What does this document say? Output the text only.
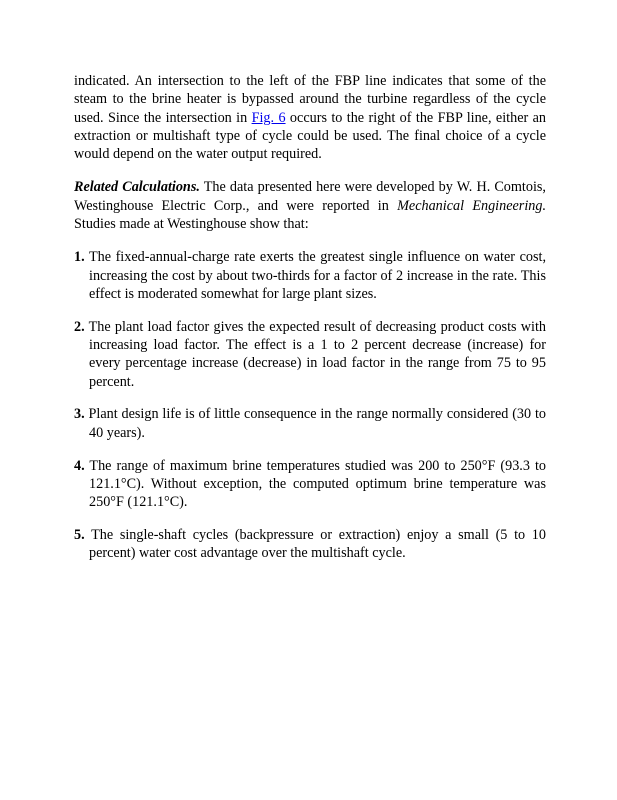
indicated. An intersection to the left of the FBP line indicates that some of the steam to the brine heater is bypassed around the turbine regardless of the cycle used. Since the intersection in Fig. 6 occurs to the right of the FBP line, either an extraction or multishaft type of cycle could be used. The final choice of a cycle would depend on the water output required.

Related Calculations. The data presented here were developed by W. H. Comtois, Westinghouse Electric Corp., and were reported in Mechanical Engineering. Studies made at Westinghouse show that:

1. The fixed-annual-charge rate exerts the greatest single influence on water cost, increasing the cost by about two-thirds for a factor of 2 increase in the rate. This effect is moderated somewhat for large plant sizes.

2. The plant load factor gives the expected result of decreasing product costs with increasing load factor. The effect is a 1 to 2 percent decrease (increase) for every percentage increase (decrease) in load factor in the range from 75 to 95 percent.

3. Plant design life is of little consequence in the range normally considered (30 to 40 years).

4. The range of maximum brine temperatures studied was 200 to 250°F (93.3 to 121.1°C). Without exception, the computed optimum brine temperature was 250°F (121.1°C).

5. The single-shaft cycles (backpressure or extraction) enjoy a small (5 to 10 percent) water cost advantage over the multishaft cycle.
